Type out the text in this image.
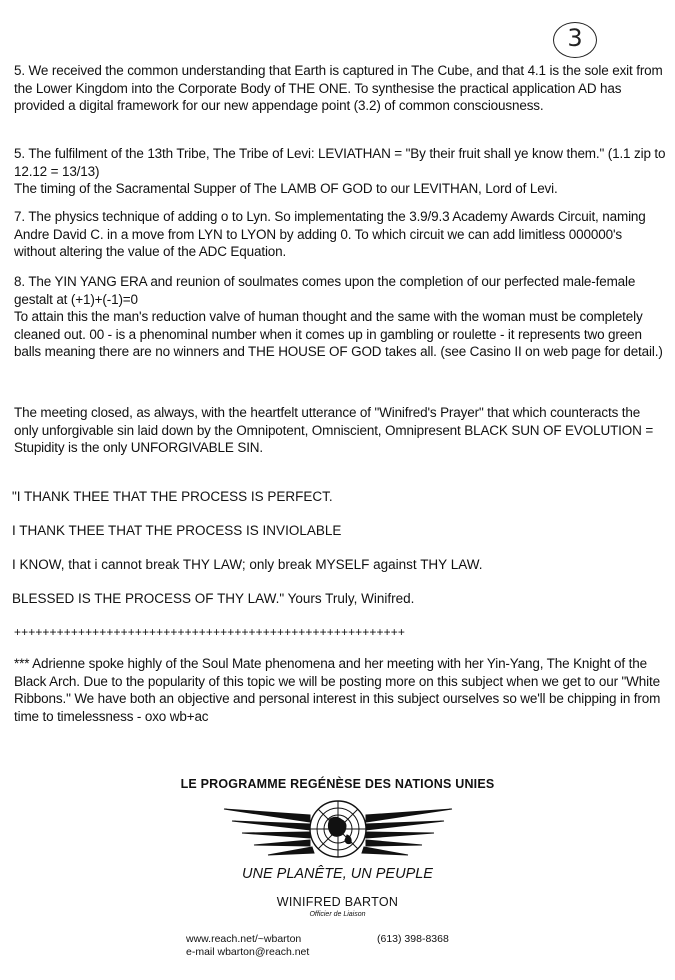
3

5. We received the common understanding that Earth is captured in The Cube, and that 4.1 is the sole exit from the Lower Kingdom into the Corporate Body of THE ONE. To synthesise the practical application AD has provided a digital framework for our new appendage point (3.2) of common consciousness.

5. The fulfilment of the 13th Tribe, The Tribe of Levi: LEVIATHAN = "By their fruit shall ye know them." (1.1 zip to 12.12 = 13/13)
The timing of the Sacramental Supper of The LAMB OF GOD to our LEVITHAN, Lord of Levi.

7. The physics technique of adding o to Lyn. So implementating the 3.9/9.3 Academy Awards Circuit, naming Andre David C. in a move from LYN to LYON by adding 0. To which circuit we can add limitless 000000's without altering the value of the ADC Equation.

8. The YIN YANG ERA and reunion of soulmates comes upon the completion of our perfected male-female gestalt at (+1)+(-1)=0
To attain this the man's reduction valve of human thought and the same with the woman must be completely cleaned out. 00 - is a phenominal number when it comes up in gambling or roulette - it represents two green balls meaning there are no winners and THE HOUSE OF GOD takes all. (see Casino II on web page for detail.)

The meeting closed, as always, with the heartfelt utterance of "Winifred's Prayer" that which counteracts the only unforgivable sin laid down by the Omnipotent, Omniscient, Omnipresent BLACK SUN OF EVOLUTION = Stupidity is the only UNFORGIVABLE SIN.

"I THANK THEE THAT THE PROCESS IS PERFECT.

I THANK THEE THAT THE PROCESS IS INVIOLABLE

I KNOW, that i cannot break THY LAW; only break MYSELF against THY LAW.

BLESSED IS THE PROCESS OF THY LAW." Yours Truly, Winifred.

+++++++++++++++++++++++++++++++++++++++++++++++++++++++

*** Adrienne spoke highly of the Soul Mate phenomena and her meeting with her Yin-Yang, The Knight of the Black Arch. Due to the popularity of this topic we will be posting more on this subject when we get to our "White Ribbons." We have both an objective and personal interest in this subject ourselves so we'll be chipping in from time to timelessness - oxo wb+ac

LE PROGRAMME REGÉNÈSE DES NATIONS UNIES
UNE PLANÊTE, UN PEUPLE
WINIFRED BARTON
Officier de Liaison
www.reach.net/~wbarton
e-mail wbarton@reach.net
(613) 398-8368
